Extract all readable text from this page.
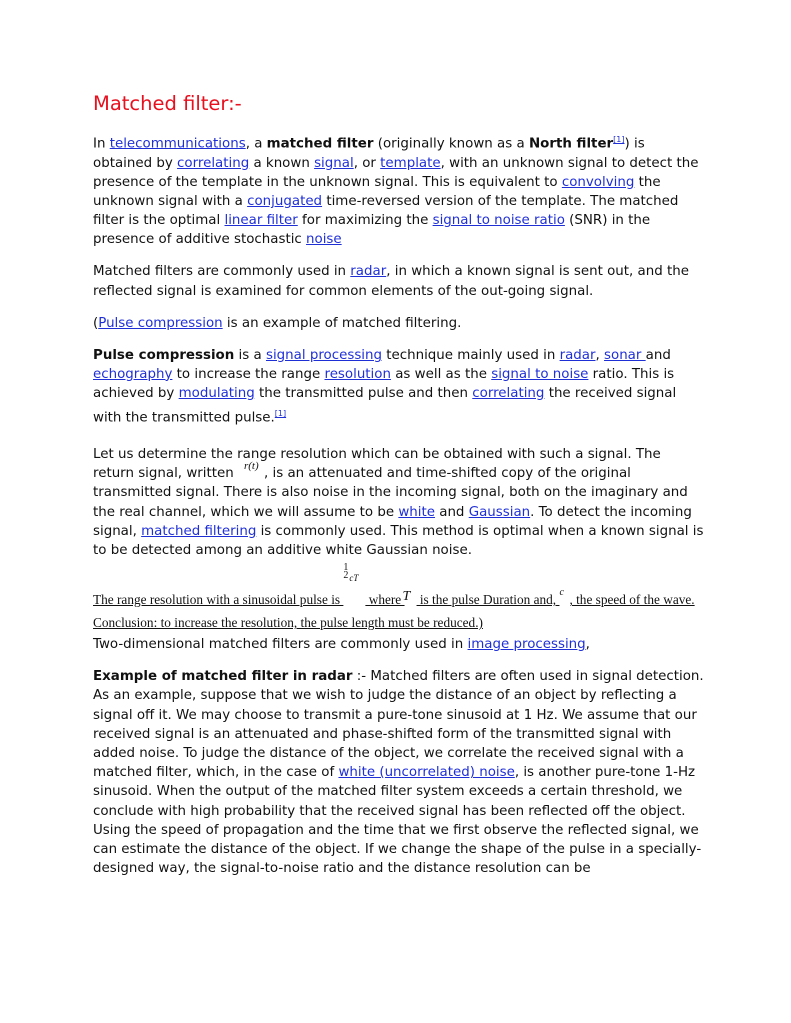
Matched filter:-

In telecommunications, a matched filter (originally known as a North filter[1]) is obtained by correlating a known signal, or template, with an unknown signal to detect the presence of the template in the unknown signal. This is equivalent to convolving the unknown signal with a conjugated time-reversed version of the template. The matched filter is the optimal linear filter for maximizing the signal to noise ratio (SNR) in the presence of additive stochastic noise

Matched filters are commonly used in radar, in which a known signal is sent out, and the reflected signal is examined for common elements of the out-going signal.

(Pulse compression is an example of matched filtering.

Pulse compression is a signal processing technique mainly used in radar, sonar and echography to increase the range resolution as well as the signal to noise ratio. This is achieved by modulating the transmitted pulse and then correlating the received signal with the transmitted pulse.[1]

Let us determine the range resolution which can be obtained with such a signal. The return signal, written r(t) , is an attenuated and time-shifted copy of the original transmitted signal. There is also noise in the incoming signal, both on the imaginary and the real channel, which we will assume to be white and Gaussian. To detect the incoming signal, matched filtering is commonly used. This method is optimal when a known signal is to be detected among an additive white Gaussian noise.

The range resolution with a sinusoidal pulse is
1
2 cT
where
T is the pulse Duration and, c , the speed of the wave.

Conclusion: to increase the resolution, the pulse length must be reduced.)

Two-dimensional matched filters are commonly used in image processing,

Example of matched filter in radar :- Matched filters are often used in signal detection. As an example, suppose that we wish to judge the distance of an object by reflecting a signal off it. We may choose to transmit a pure-tone sinusoid at 1 Hz. We assume that our received signal is an attenuated and phase-shifted form of the transmitted signal with added noise. To judge the distance of the object, we correlate the received signal with a matched filter, which, in the case of white (uncorrelated) noise, is another pure-tone 1-Hz sinusoid. When the output of the matched filter system exceeds a certain threshold, we conclude with high probability that the received signal has been reflected off the object. Using the speed of propagation and the time that we first observe the reflected signal, we can estimate the distance of the object. If we change the shape of the pulse in a specially-designed way, the signal-to-noise ratio and the distance resolution can be
